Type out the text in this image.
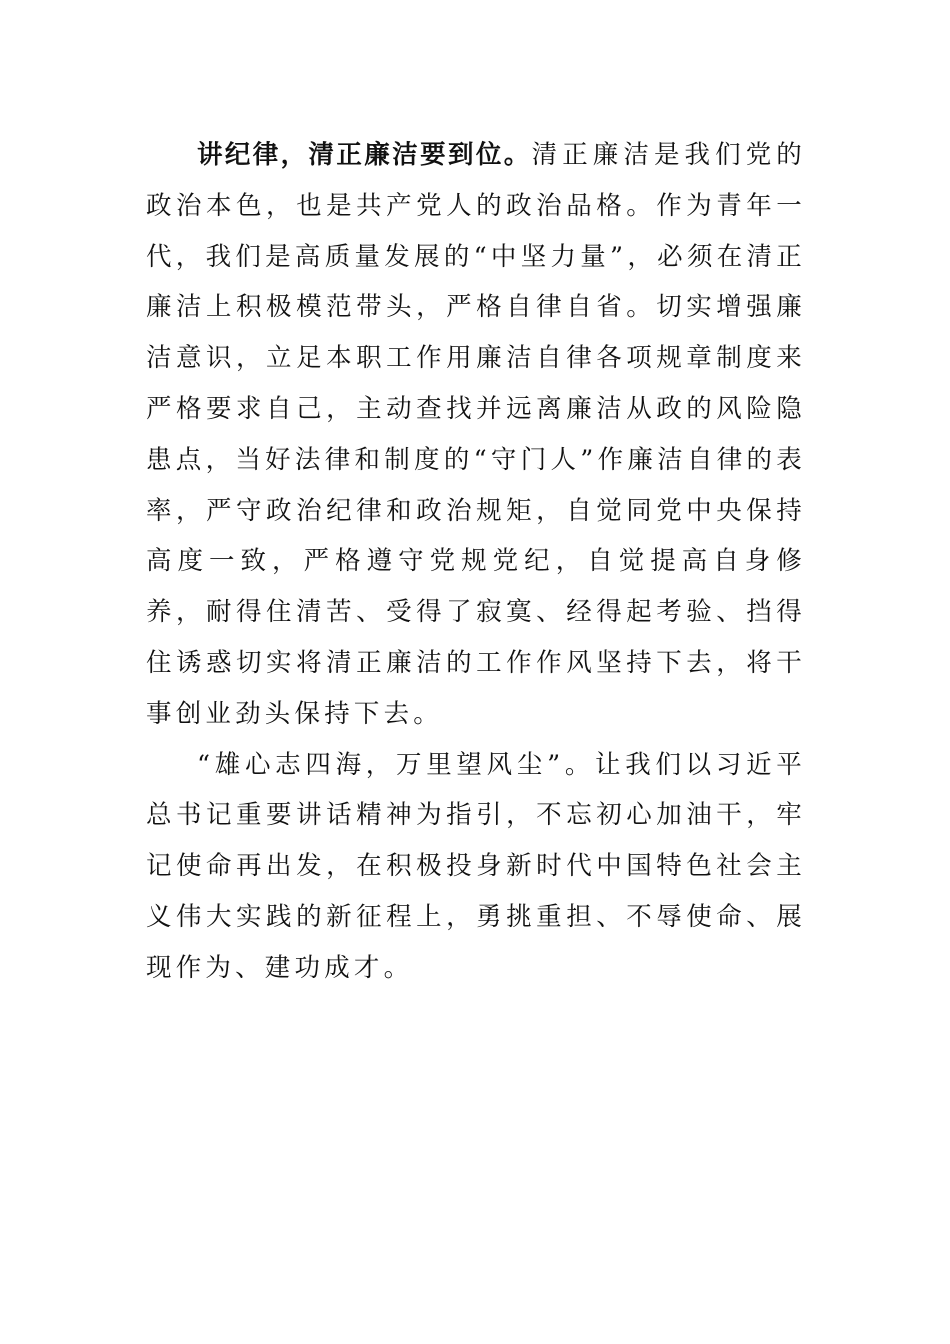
讲纪律，清正廉洁要到位。清正廉洁是我们党的政治本色，也是共产党人的政治品格。作为青年一代，我们是高质量发展的“中坚力量”，必须在清正廉洁上积极模范带头，严格自律自省。切实增强廉洁意识，立足本职工作用廉洁自律各项规章制度来严格要求自己，主动查找并远离廉洁从政的风险隐患点，当好法律和制度的“守门人”作廉洁自律的表率，严守政治纪律和政治规矩，自觉同党中央保持高度一致，严格遵守党规党纪，自觉提高自身修养，耐得住清苦、受得了寂寞、经得起考验、挡得住诱惑切实将清正廉洁的工作作风坚持下去，将干事创业劲头保持下去。

“雄心志四海，万里望风尘”。让我们以习近平总书记重要讲话精神为指引，不忘初心加油干，牢记使命再出发，在积极投身新时代中国特色社会主义伟大实践的新征程上，勇挑重担、不辱使命、展现作为、建功成才。
